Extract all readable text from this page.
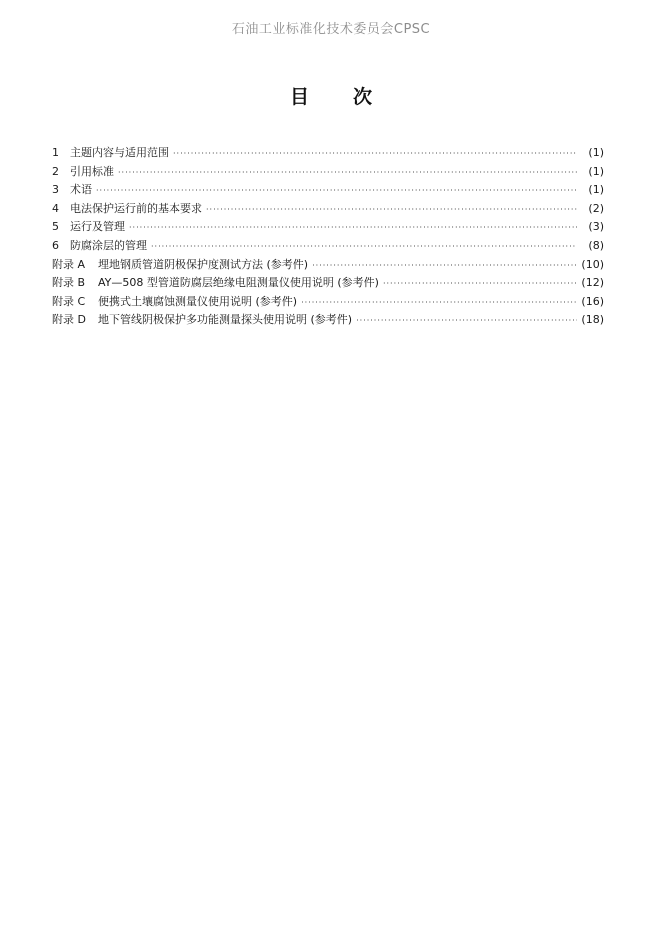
石油工业标准化技术委员会CPSC
目次
1	主题内容与适用范围 ·····	(1)
2	引用标准 ·····	(1)
3	术语 ·····	(1)
4	电法保护运行前的基本要求 ·····	(2)
5	运行及管理 ·····	(3)
6	防腐涂层的管理 ·····	(8)
附录 A	埋地钢质管道阴极保护度测试方法 (参考件) ·····	(10)
附录 B	AY—508 型管道防腐层绝缘电阻测量仪使用说明 (参考件) ·····	(12)
附录 C	便携式土壤腐蚀测量仪使用说明 (参考件) ·····	(16)
附录 D	地下管线阴极保护多功能测量探头使用说明 (参考件) ·····	(18)
